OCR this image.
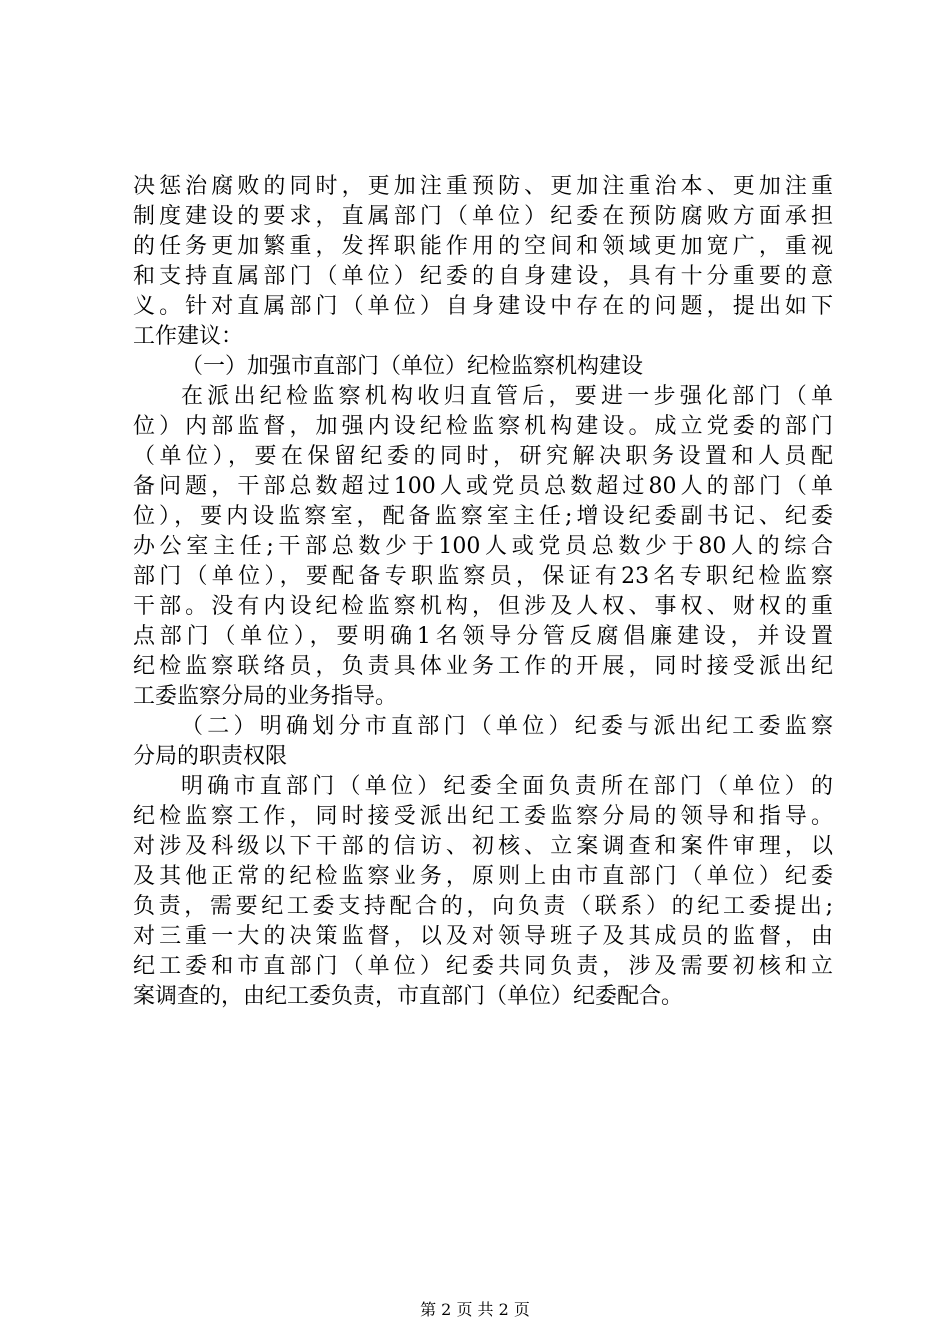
决惩治腐败的同时，更加注重预防、更加注重治本、更加注重
制度建设的要求，直属部门（单位）纪委在预防腐败方面承担
的任务更加繁重，发挥职能作用的空间和领域更加宽广，重视
和支持直属部门（单位）纪委的自身建设，具有十分重要的意
义。针对直属部门（单位）自身建设中存在的问题，提出如下
工作建议：
（一）加强市直部门（单位）纪检监察机构建设
在派出纪检监察机构收归直管后，要进一步强化部门（单
位）内部监督，加强内设纪检监察机构建设。成立党委的部门
（单位），要在保留纪委的同时，研究解决职务设置和人员配
备问题，干部总数超过100人或党员总数超过80人的部门（单
位），要内设监察室，配备监察室主任;增设纪委副书记、纪委
办公室主任;干部总数少于100人或党员总数少于80人的综合
部门（单位），要配备专职监察员，保证有23名专职纪检监察
干部。没有内设纪检监察机构，但涉及人权、事权、财权的重
点部门（单位），要明确1名领导分管反腐倡廉建设，并设置
纪检监察联络员，负责具体业务工作的开展，同时接受派出纪
工委监察分局的业务指导。
（二）明确划分市直部门（单位）纪委与派出纪工委监察
分局的职责权限
明确市直部门（单位）纪委全面负责所在部门（单位）的
纪检监察工作，同时接受派出纪工委监察分局的领导和指导。
对涉及科级以下干部的信访、初核、立案调查和案件审理，以
及其他正常的纪检监察业务，原则上由市直部门（单位）纪委
负责，需要纪工委支持配合的，向负责（联系）的纪工委提出;
对三重一大的决策监督，以及对领导班子及其成员的监督，由
纪工委和市直部门（单位）纪委共同负责，涉及需要初核和立
案调查的，由纪工委负责，市直部门（单位）纪委配合。
第 2 页 共 2 页
